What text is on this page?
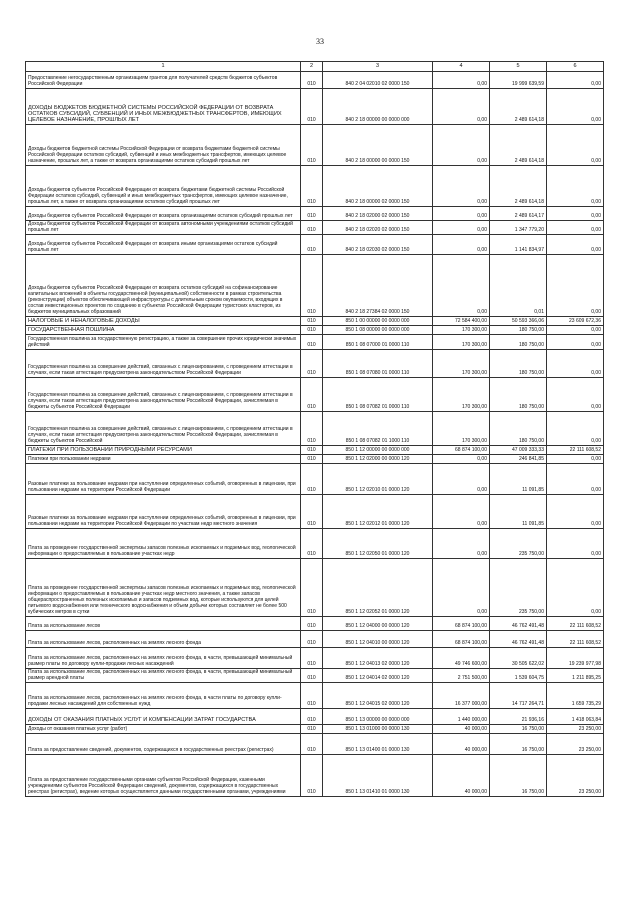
33
1	2	3	4	5	6
Предоставление негосударственным организациям грантов для получателей средств бюджетов субъектов Российской Федерации	010	840 2 04 02010 02 0000 150	0,00	19 999 639,59	0,00
ДОХОДЫ БЮДЖЕТОВ БЮДЖЕТНОЙ СИСТЕМЫ РОССИЙСКОЙ ФЕДЕРАЦИИ ОТ ВОЗВРАТА ОСТАТКОВ СУБСИДИЙ, СУБВЕНЦИЙ И ИНЫХ МЕЖБЮДЖЕТНЫХ ТРАНСФЕРТОВ, ИМЕЮЩИХ ЦЕЛЕВОЕ НАЗНАЧЕНИЕ, ПРОШЛЫХ ЛЕТ	010	840 2 18 00000 00 0000 000	0,00	2 489 614,18	0,00
Доходы бюджетов бюджетной системы Российской Федерации от возврата бюджетами бюджетной системы Российской Федерации остатков субсидий, субвенций и иных межбюджетных трансфертов, имеющих целевое назначение, прошлых лет, а также от возврата организациями остатков субсидий прошлых лет	010	840 2 18 00000 00 0000 150	0,00	2 489 614,18	0,00
Доходы бюджетов субъектов Российской Федерации от возврата бюджетами бюджетной системы Российской Федерации остатков субсидий, субвенций и иных межбюджетных трансфертов, имеющих целевое назначение, прошлых лет, а также от возврата организациями остатков субсидий прошлых лет	010	840 2 18 00000 02 0000 150	0,00	2 489 614,18	0,00
Доходы бюджетов субъектов Российской Федерации от возврата организациями остатков субсидий прошлых лет	010	840 2 18 02000 02 0000 150	0,00	2 489 614,17	0,00
Доходы бюджетов субъектов Российской Федерации от возврата автономными учреждениями остатков субсидий прошлых лет	010	840 2 18 02020 02 0000 150	0,00	1 347 779,20	0,00
Доходы бюджетов субъектов Российской Федерации от возврата иными организациями остатков субсидий прошлых лет	010	840 2 18 02030 02 0000 150	0,00	1 141 834,97	0,00
Доходы бюджетов субъектов Российской Федерации от возврата остатков субсидий на софинансирование капитальных вложений в объекты государственной (муниципальной) собственности в рамках строительства (реконструкции) объектов обеспечивающей инфраструктуры с длительным сроком окупаемости, входящих в состав инвестиционных проектов по созданию в субъектах Российской Федерации туристских кластеров, из бюджетов муниципальных образований	010	840 2 18 27384 02 0000 150	0,00	0,01	0,00
НАЛОГОВЫЕ И НЕНАЛОГОВЫЕ ДОХОДЫ	010	850 1 00 00000 00 0000 000	72 584 400,00	50 593 366,06	23 609 672,36
ГОСУДАРСТВЕННАЯ ПОШЛИНА	010	850 1 08 00000 00 0000 000	170 300,00	180 750,00	0,00
Государственная пошлина за государственную регистрацию, а также за совершение прочих юридически значимых действий	010	850 1 08 07000 01 0000 110	170 300,00	180 750,00	0,00
Государственная пошлина за совершение действий, связанных с лицензированием, с проведением аттестации в случаях, если такая аттестация предусмотрена законодательством Российской Федерации	010	850 1 08 07080 01 0000 110	170 300,00	180 750,00	0,00
Государственная пошлина за совершение действий, связанных с лицензированием, с проведением аттестации в случаях, если такая аттестация предусмотрена законодательством Российской Федерации, зачисляемая в бюджеты субъектов Российской Федерации	010	850 1 08 07082 01 0000 110	170 300,00	180 750,00	0,00
Государственная пошлина за совершение действий, связанных с лицензированием, с проведением аттестации в случаях, если такая аттестация предусмотрена законодательством Российской Федерации, зачисляемая в бюджеты субъектов Российской	010	850 1 08 07082 01 1000 110	170 300,00	180 750,00	0,00
ПЛАТЕЖИ ПРИ ПОЛЬЗОВАНИИ ПРИРОДНЫМИ РЕСУРСАМИ	010	850 1 12 00000 00 0000 000	68 874 100,00	47 009 333,33	22 111 608,52
Платежи при пользовании недрами	010	850 1 12 02000 00 0000 120	0,00	246 841,85	0,00
Разовые платежи за пользование недрами при наступлении определенных событий, оговоренных в лицензии, при пользовании недрами на территории Российской Федерации	010	850 1 12 02010 01 0000 120	0,00	11 091,85	0,00
Разовые платежи за пользование недрами при наступлении определенных событий, оговоренных в лицензии, при пользовании недрами на территории Российской Федерации по участкам недр местного значения	010	850 1 12 02012 01 0000 120	0,00	11 091,85	0,00
Плата за проведение государственной экспертизы запасов полезных ископаемых и подземных вод, геологической информации о предоставляемых в пользование участках недр	010	850 1 12 02050 01 0000 120	0,00	235 750,00	0,00
Плата за проведение государственной экспертизы запасов полезных ископаемых и подземных вод, геологической информации о предоставляемых в пользование участках недр местного значения, а также запасов общераспространенных полезных ископаемых и запасов подземных вод, которые используются для целей питьевого водоснабжения или технического водоснабжения и объем добычи которых составляет не более 500 кубических метров в сутки	010	850 1 12 02052 01 0000 120	0,00	235 750,00	0,00
Плата за использование лесов	010	850 1 12 04000 00 0000 120	68 874 100,00	46 762 491,48	22 111 608,52
Плата за использование лесов, расположенных на землях лесного фонда	010	850 1 12 04010 00 0000 120	68 874 100,00	46 762 491,48	22 111 608,52
Плата за использование лесов, расположенных на землях лесного фонда, в части, превышающей минимальный размер платы по договору купли-продажи лесных насаждений	010	850 1 12 04013 02 0000 120	49 746 600,00	30 505 622,02	19 239 977,98
Плата за использование лесов, расположенных на землях лесного фонда, в части, превышающей минимальный размер арендной платы	010	850 1 12 04014 02 0000 120	2 751 500,00	1 539 604,75	1 211 895,25
Плата за использование лесов, расположенных на землях лесного фонда, в части платы по договору купли-продажи лесных насаждений для собственных нужд	010	850 1 12 04015 02 0000 120	16 377 000,00	14 717 264,71	1 659 735,29
ДОХОДЫ ОТ ОКАЗАНИЯ ПЛАТНЫХ УСЛУГ И КОМПЕНСАЦИИ ЗАТРАТ ГОСУДАРСТВА	010	850 1 13 00000 00 0000 000	1 440 000,00	21 936,16	1 418 063,84
Доходы от оказания платных услуг (работ)	010	850 1 13 01000 00 0000 130	40 000,00	16 750,00	23 250,00
Плата за предоставление сведений, документов, содержащихся в государственных реестрах (регистрах)	010	850 1 13 01400 01 0000 130	40 000,00	16 750,00	23 250,00
Плата за предоставление государственными органами субъектов Российской Федерации, казенными учреждениями субъектов Российской Федерации сведений, документов, содержащихся в государственных реестрах (регистрах), ведение которых осуществляется данными государственными органами, учреждениями	010	850 1 13 01410 01 0000 130	40 000,00	16 750,00	23 250,00
